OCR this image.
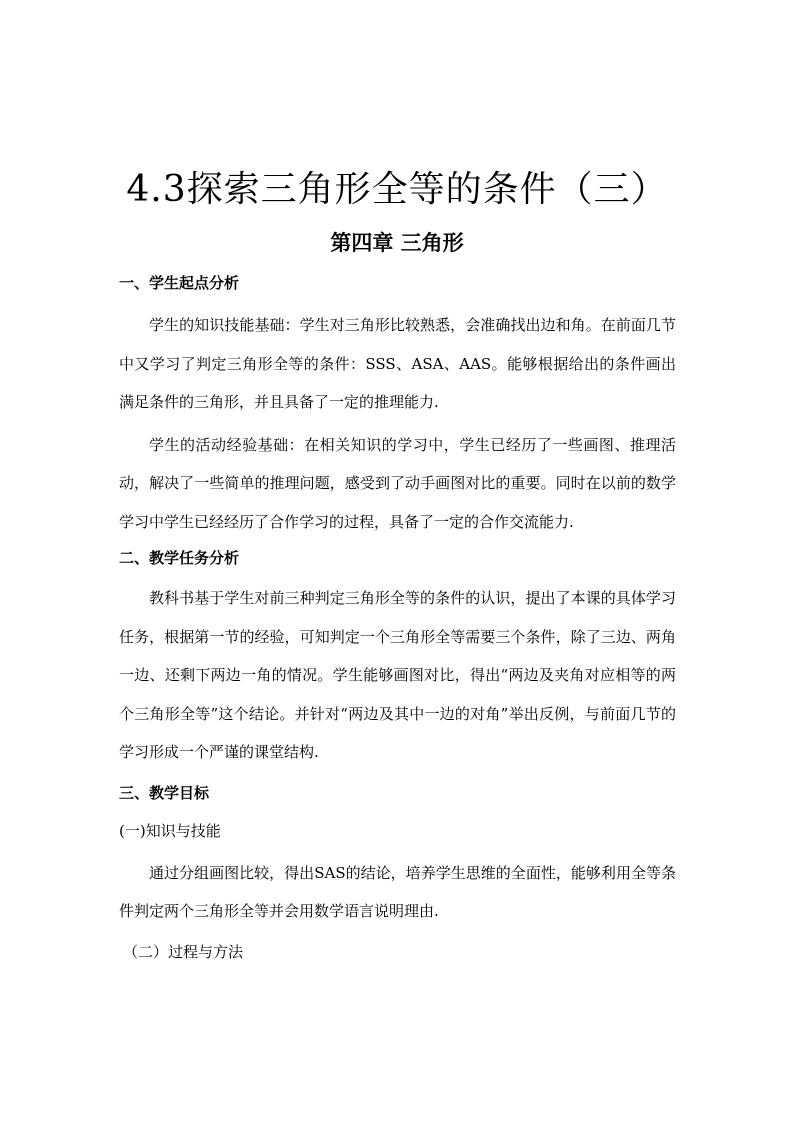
4.3探索三角形全等的条件（三）
第四章 三角形

一、学生起点分析

学生的知识技能基础：学生对三角形比较熟悉，会准确找出边和角。在前面几节中又学习了判定三角形全等的条件：SSS、ASA、AAS。能够根据给出的条件画出满足条件的三角形，并且具备了一定的推理能力.

学生的活动经验基础：在相关知识的学习中，学生已经历了一些画图、推理活动，解决了一些简单的推理问题，感受到了动手画图对比的重要。同时在以前的数学学习中学生已经经历了合作学习的过程，具备了一定的合作交流能力.

二、教学任务分析

教科书基于学生对前三种判定三角形全等的条件的认识，提出了本课的具体学习任务，根据第一节的经验，可知判定一个三角形全等需要三个条件，除了三边、两角一边、还剩下两边一角的情况。学生能够画图对比，得出“两边及夹角对应相等的两个三角形全等”这个结论。并针对“两边及其中一边的对角”举出反例，与前面几节的学习形成一个严谨的课堂结构.

三、教学目标

(一)知识与技能

通过分组画图比较，得出SAS的结论，培养学生思维的全面性，能够利用全等条件判定两个三角形全等并会用数学语言说明理由.

（二）过程与方法
